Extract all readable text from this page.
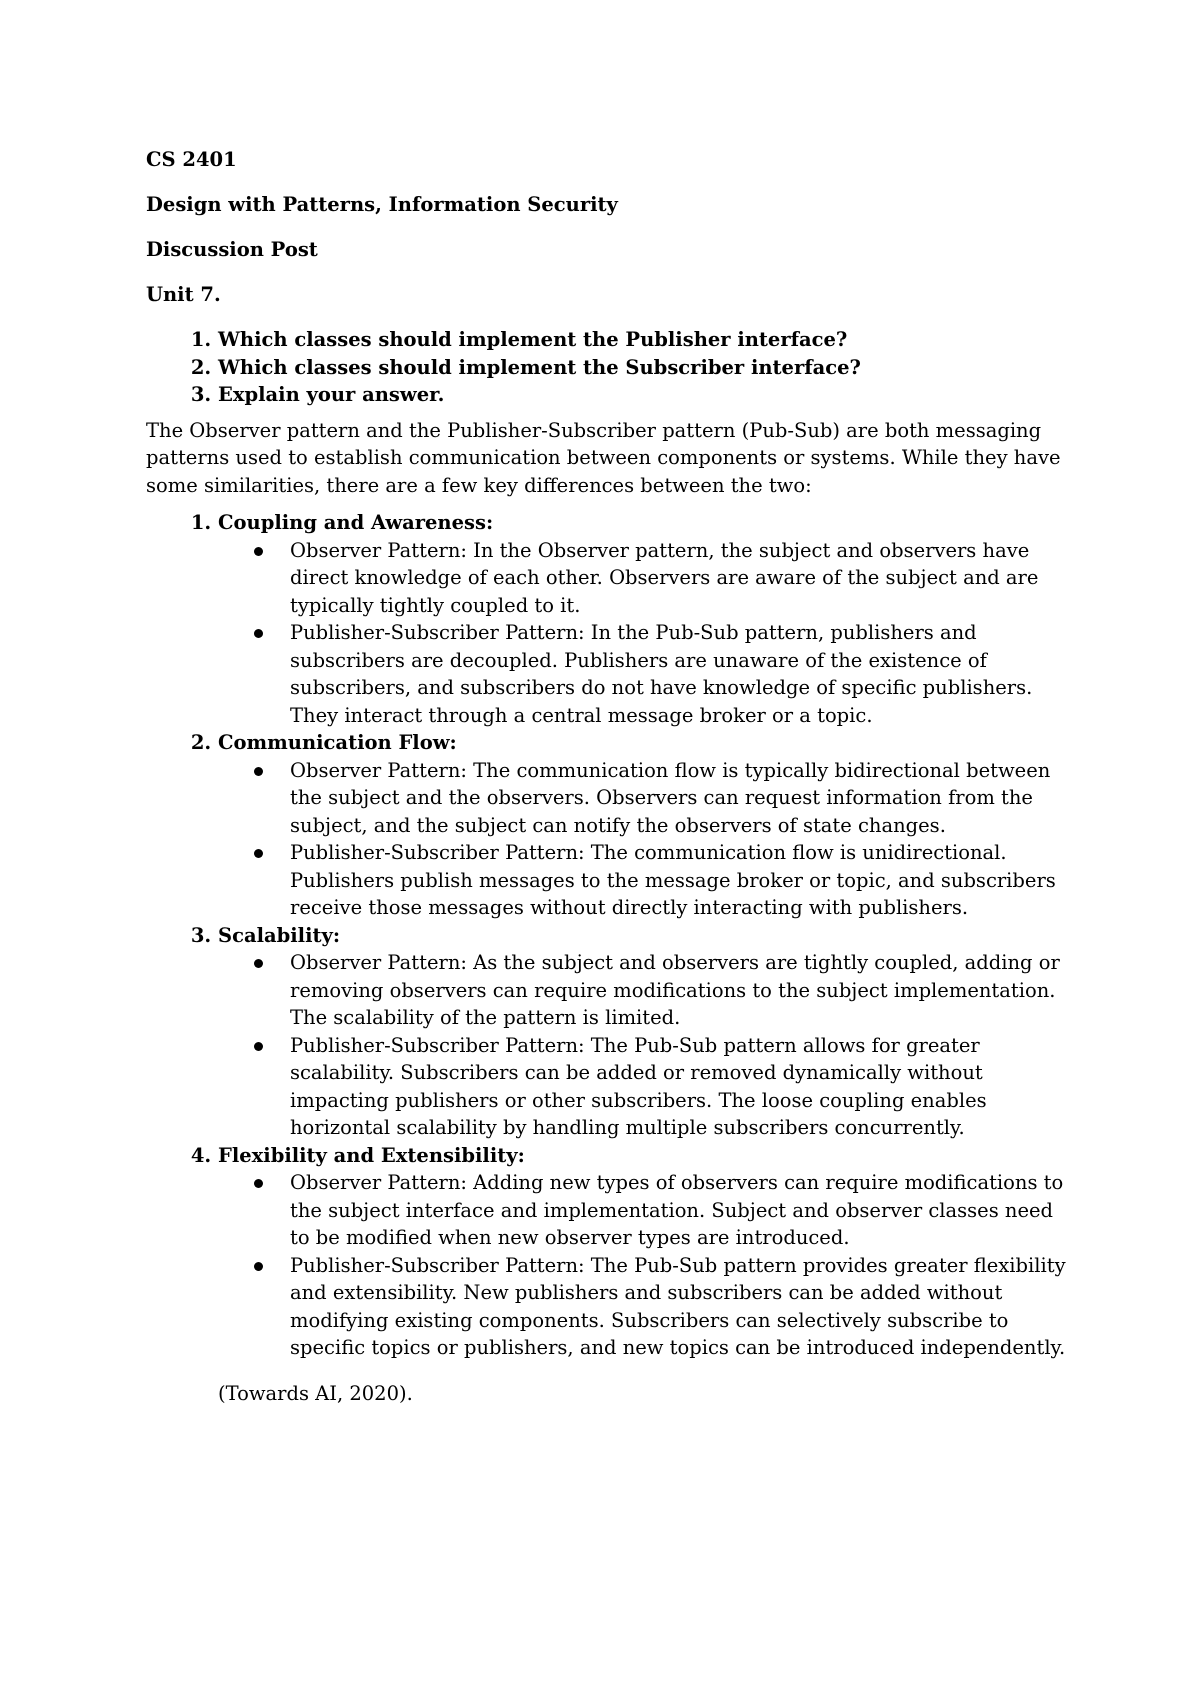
CS 2401

Design with Patterns, Information Security

Discussion Post

Unit 7.

1. Which classes should implement the Publisher interface?
2. Which classes should implement the Subscriber interface?
3. Explain your answer.

The Observer pattern and the Publisher-Subscriber pattern (Pub-Sub) are both messaging patterns used to establish communication between components or systems. While they have some similarities, there are a few key differences between the two:

1. Coupling and Awareness:
Observer Pattern: In the Observer pattern, the subject and observers have direct knowledge of each other. Observers are aware of the subject and are typically tightly coupled to it.
Publisher-Subscriber Pattern: In the Pub-Sub pattern, publishers and subscribers are decoupled. Publishers are unaware of the existence of subscribers, and subscribers do not have knowledge of specific publishers. They interact through a central message broker or a topic.
2. Communication Flow:
Observer Pattern: The communication flow is typically bidirectional between the subject and the observers. Observers can request information from the subject, and the subject can notify the observers of state changes.
Publisher-Subscriber Pattern: The communication flow is unidirectional. Publishers publish messages to the message broker or topic, and subscribers receive those messages without directly interacting with publishers.
3. Scalability:
Observer Pattern: As the subject and observers are tightly coupled, adding or removing observers can require modifications to the subject implementation. The scalability of the pattern is limited.
Publisher-Subscriber Pattern: The Pub-Sub pattern allows for greater scalability. Subscribers can be added or removed dynamically without impacting publishers or other subscribers. The loose coupling enables horizontal scalability by handling multiple subscribers concurrently.
4. Flexibility and Extensibility:
Observer Pattern: Adding new types of observers can require modifications to the subject interface and implementation. Subject and observer classes need to be modified when new observer types are introduced.
Publisher-Subscriber Pattern: The Pub-Sub pattern provides greater flexibility and extensibility. New publishers and subscribers can be added without modifying existing components. Subscribers can selectively subscribe to specific topics or publishers, and new topics can be introduced independently.

(Towards AI, 2020).
